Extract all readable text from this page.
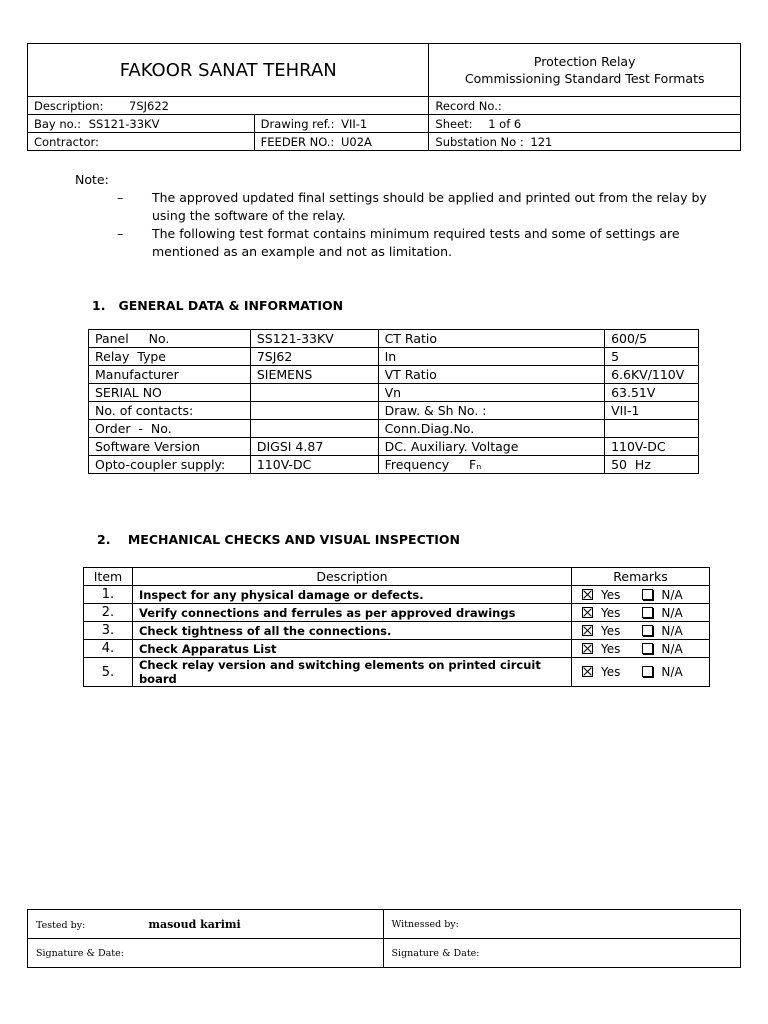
FAKOOR SANAT TEHRAN		Protection Relay
Commissioning Standard Test Formats

Description: 7SJ622		Record No.:
Bay no.: SS121-33KV	Drawing ref.: VII-1	Sheet: 1 of 6
Contractor:	FEEDER NO.: U02A	Substation No : 121
Note:
– The approved updated final settings should be applied and printed out from the relay by using the software of the relay.
– The following test format contains minimum required tests and some of settings are mentioned as an example and not as limitation.
1.   GENERAL DATA & INFORMATION
Panel     No.	SS121-33KV	CT Ratio	600/5
Relay  Type	7SJ62	In	5
Manufacturer	SIEMENS	VT Ratio	6.6KV/110V
SERIAL NO		Vn	63.51V
No. of contacts:		Draw. & Sh No. :	VII-1
Order  -  No.		Conn.Diag.No.	
Software Version	DIGSI 4.87	DC. Auxiliary. Voltage	110V-DC
Opto-coupler supply:	110V-DC	Frequency     Fₙ	50  Hz
2.    MECHANICAL CHECKS AND VISUAL INSPECTION
Item	Description	Remarks
1.	Inspect for any physical damage or defects.	Yes N/A
2.	Verify connections and ferrules as per approved drawings	Yes N/A
3.	Check tightness of all the connections.	Yes N/A
4.	Check Apparatus List	Yes N/A
5.	Check relay version and switching elements on printed circuit board	Yes N/A
Tested by: masoud karimi	Witnessed by:
Signature & Date:	Signature & Date:
